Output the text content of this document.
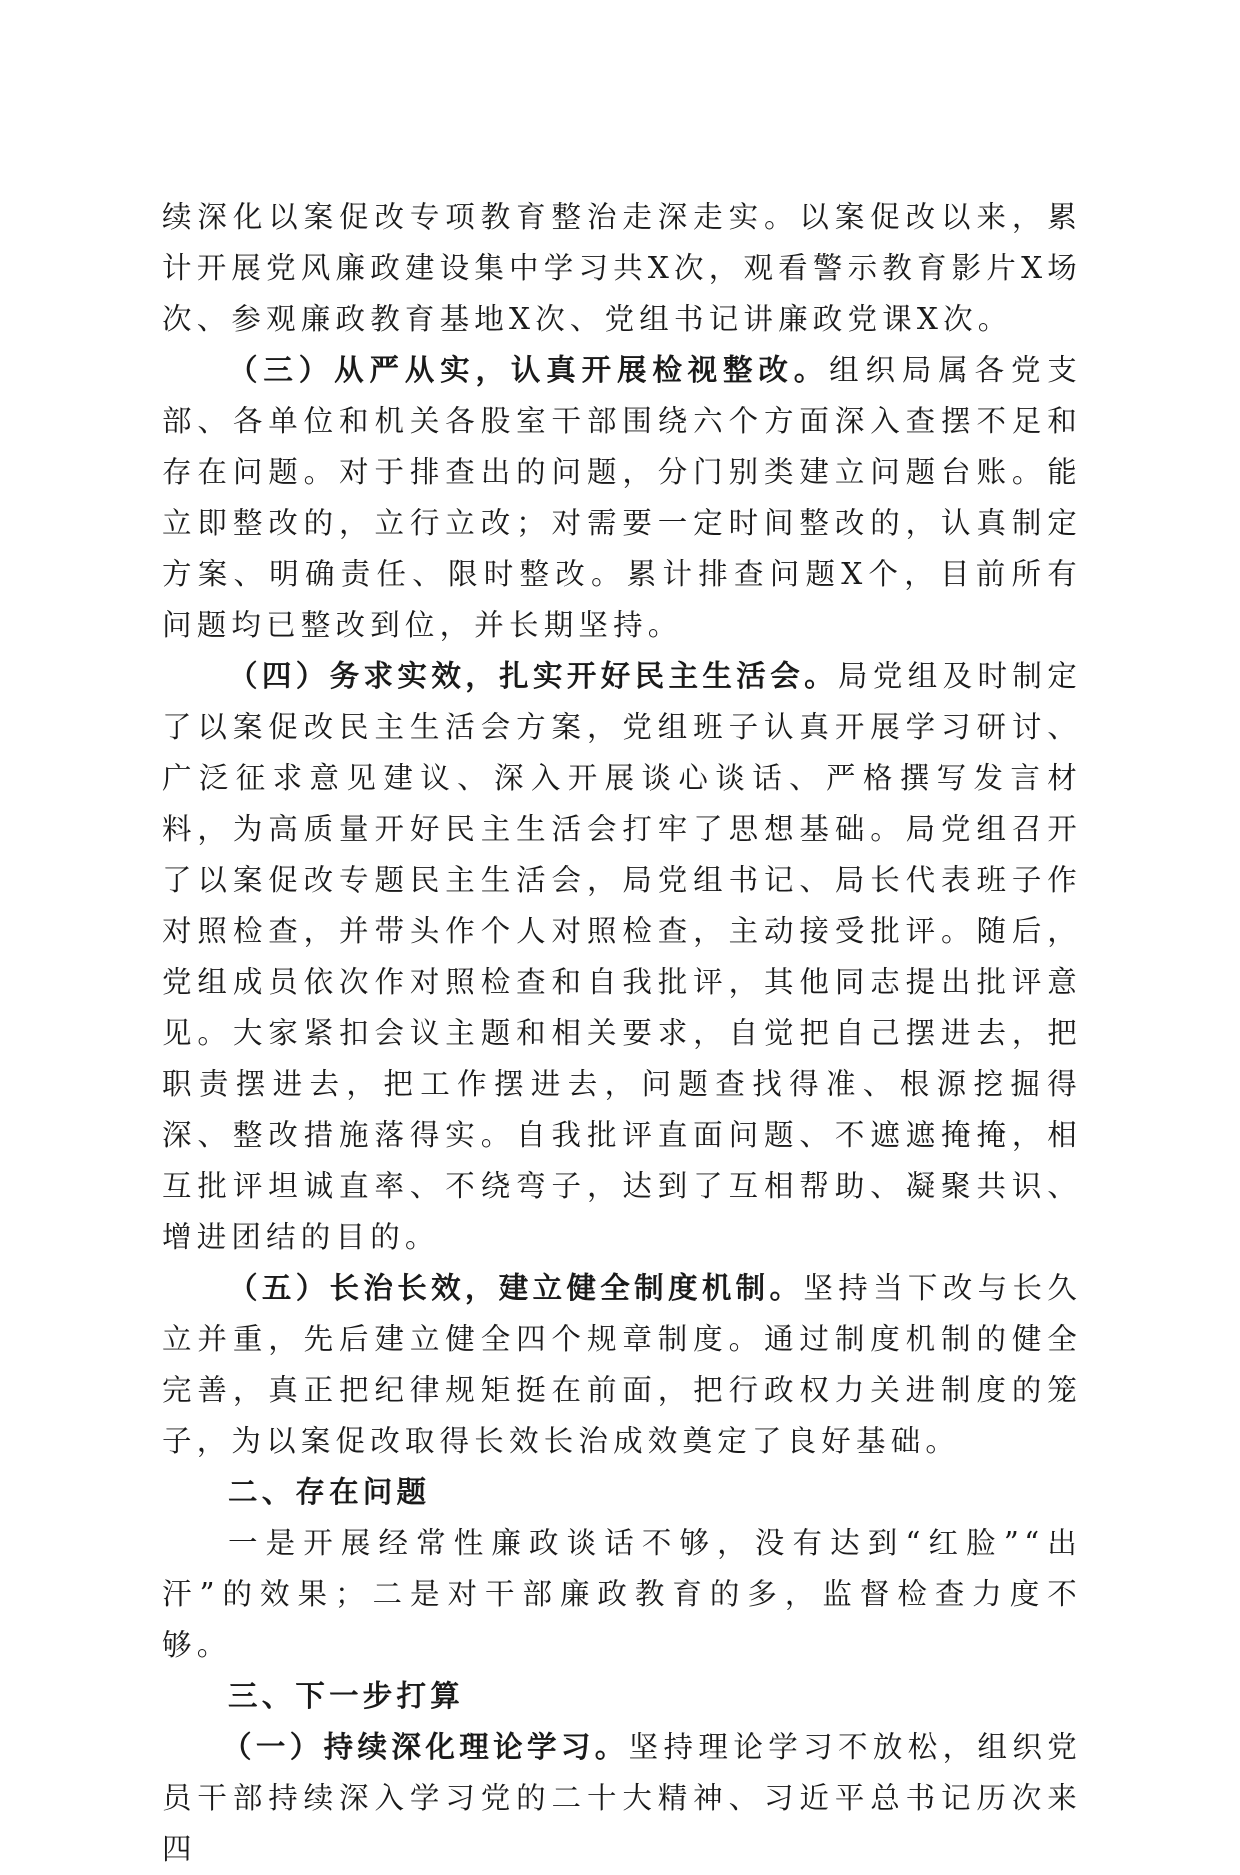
续深化以案促改专项教育整治走深走实。以案促改以来，累计开展党风廉政建设集中学习共X次，观看警示教育影片X场次、参观廉政教育基地X次、党组书记讲廉政党课X次。

（三）从严从实，认真开展检视整改。组织局属各党支部、各单位和机关各股室干部围绕六个方面深入查摆不足和存在问题。对于排查出的问题，分门别类建立问题台账。能立即整改的，立行立改；对需要一定时间整改的，认真制定方案、明确责任、限时整改。累计排查问题X个，目前所有问题均已整改到位，并长期坚持。

（四）务求实效，扎实开好民主生活会。局党组及时制定了以案促改民主生活会方案，党组班子认真开展学习研讨、广泛征求意见建议、深入开展谈心谈话、严格撰写发言材料，为高质量开好民主生活会打牢了思想基础。局党组召开了以案促改专题民主生活会，局党组书记、局长代表班子作对照检查，并带头作个人对照检查，主动接受批评。随后，党组成员依次作对照检查和自我批评，其他同志提出批评意见。大家紧扣会议主题和相关要求，自觉把自己摆进去，把职责摆进去，把工作摆进去，问题查找得准、根源挖掘得深、整改措施落得实。自我批评直面问题、不遮遮掩掩，相互批评坦诚直率、不绕弯子，达到了互相帮助、凝聚共识、增进团结的目的。

（五）长治长效，建立健全制度机制。坚持当下改与长久立并重，先后建立健全四个规章制度。通过制度机制的健全完善，真正把纪律规矩挺在前面，把行政权力关进制度的笼子，为以案促改取得长效长治成效奠定了良好基础。

二、存在问题

一是开展经常性廉政谈话不够，没有达到“红脸”“出汗”的效果；二是对干部廉政教育的多，监督检查力度不够。

三、下一步打算

（一）持续深化理论学习。坚持理论学习不放松，组织党员干部持续深入学习党的二十大精神、习近平总书记历次来四
